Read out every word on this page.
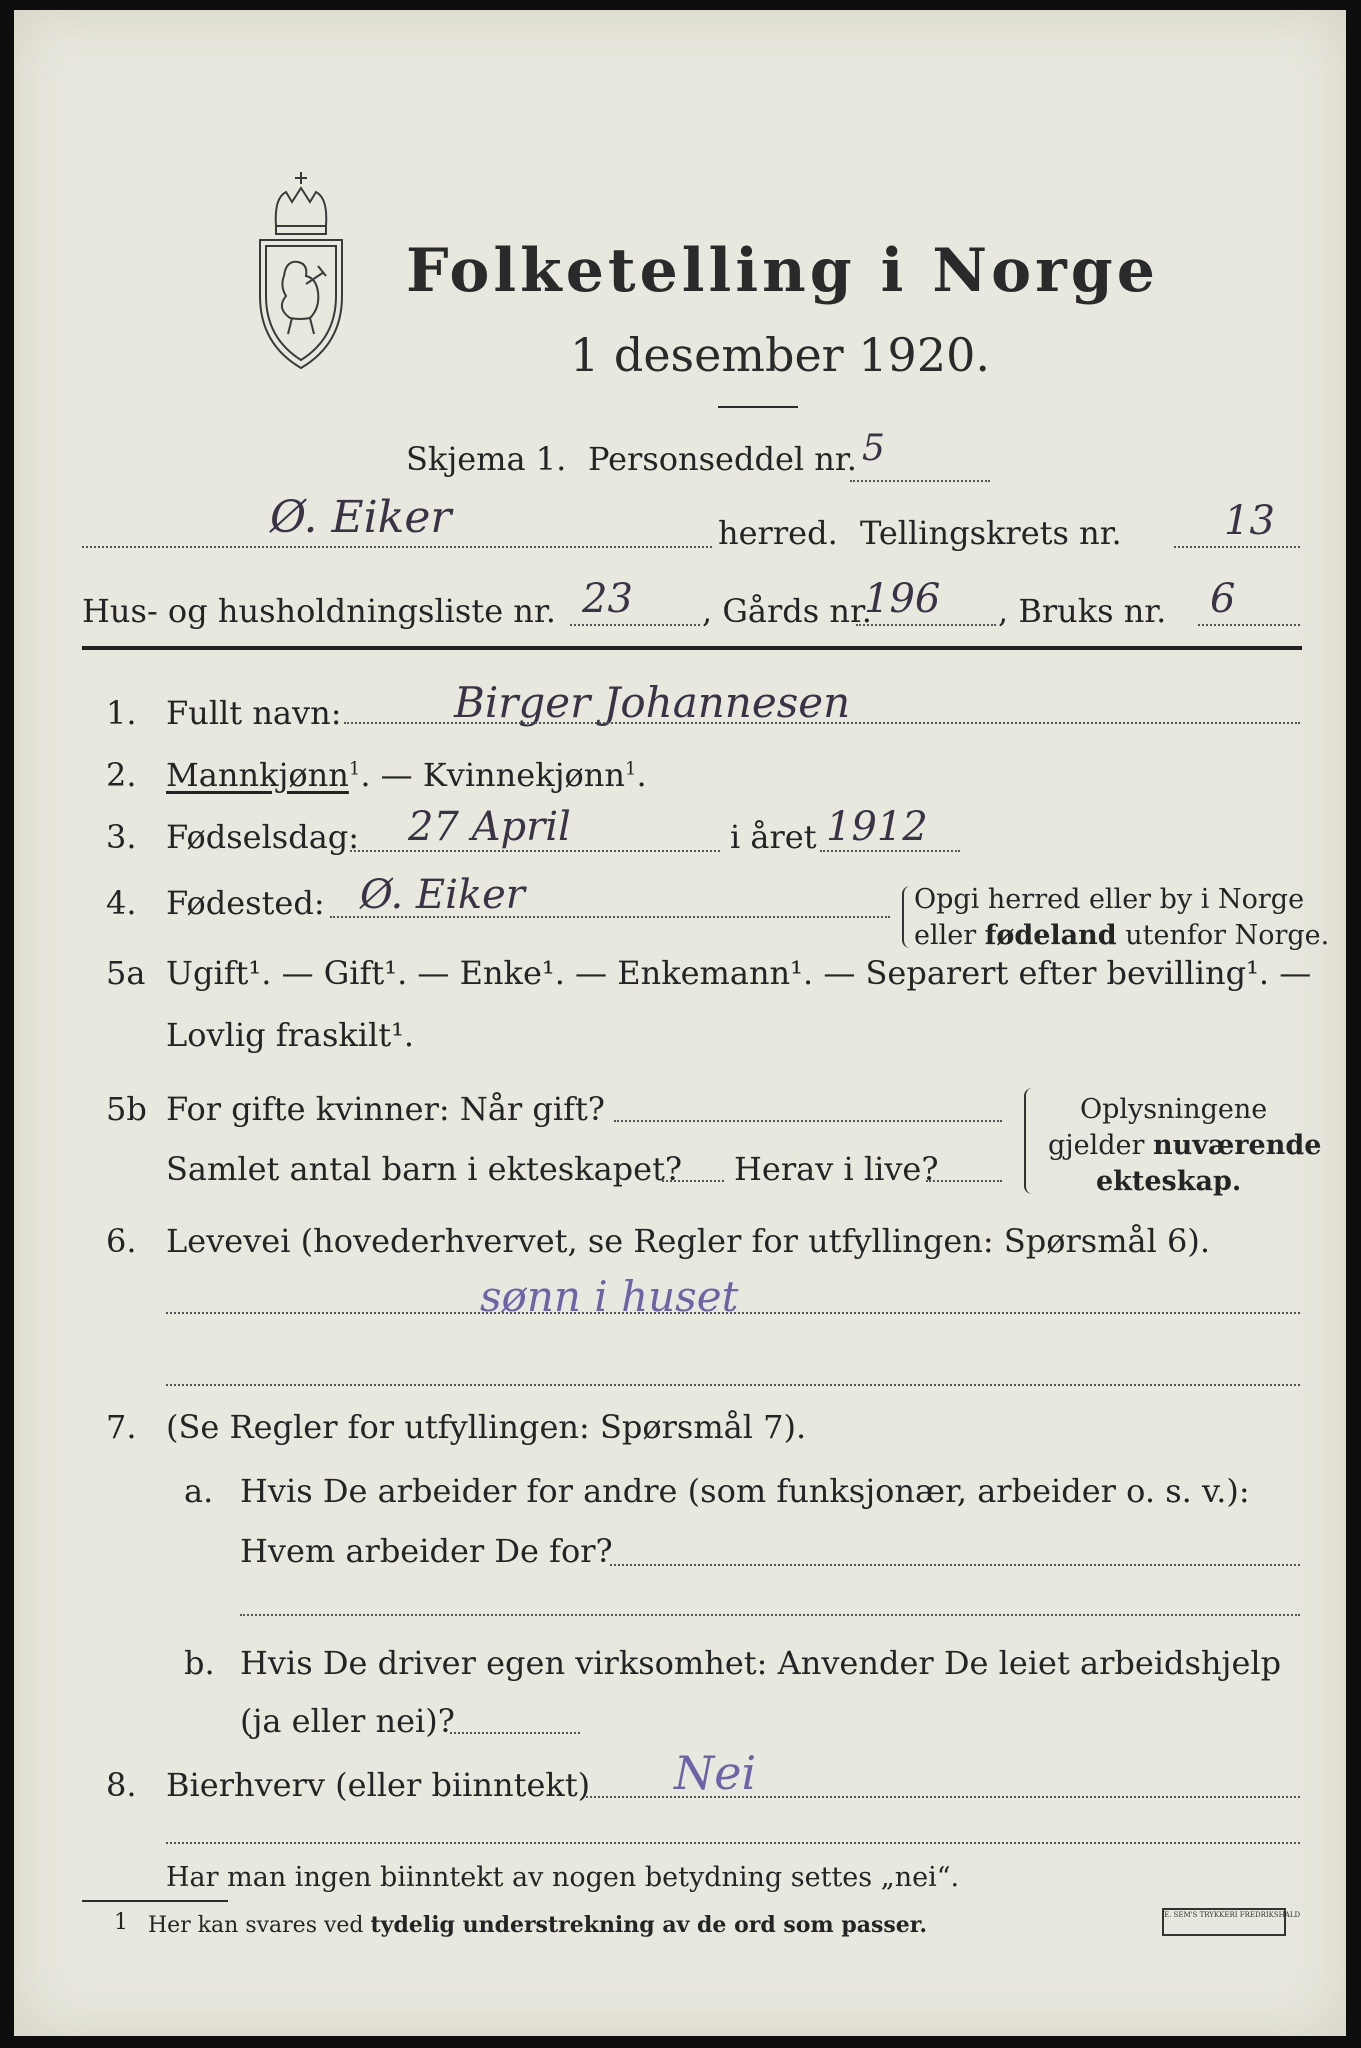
Folketelling i Norge
1 desember 1920.
Skjema 1. Personseddel nr. 5
Ø. Eiker	herred. Tellingskrets nr.	13
Hus- og husholdningsliste nr. 23 , Gårds nr.
196 , Bruks nr. 6
1. Fullt navn:	Birger Johannesen
2. Mannkjønn$^1$. — Kvinnekjønn$^1$.
3. Fødselsdag: 27 April	i året 1912
4. Fødested: Ø. Eiker	Opgi herred eller by i Norge
eller fødeland utenfor Norge.
5a Ugift¹. — Gift¹. — Enke¹. — Enkemann¹. — Separert efter bevilling¹. —
Lovlig fraskilt¹.
5b For gifte kvinner: Når gift?
Samlet antal barn i ekteskapet? Herav i live?
Oplysningene
gjelder nuværende
ekteskap.
6. Levevei (hovederhvervet, se Regler for utfyllingen: Spørsmål 6).
sønn i huset
7. (Se Regler for utfyllingen: Spørsmål 7).
a. Hvis De arbeider for andre (som funksjonær, arbeider o. s. v.):
Hvem arbeider De for?
b. Hvis De driver egen virksomhet: Anvender De leiet arbeidshjelp
(ja eller nei)?
8. Bierhverv (eller biinntekt) Nei
Har man ingen biinntekt av nogen betydning settes „nei“.
1 Her kan svares ved tydelig understrekning av de ord som passer.	E. SEM'S TRYKKERI FREDRIKSHALD
